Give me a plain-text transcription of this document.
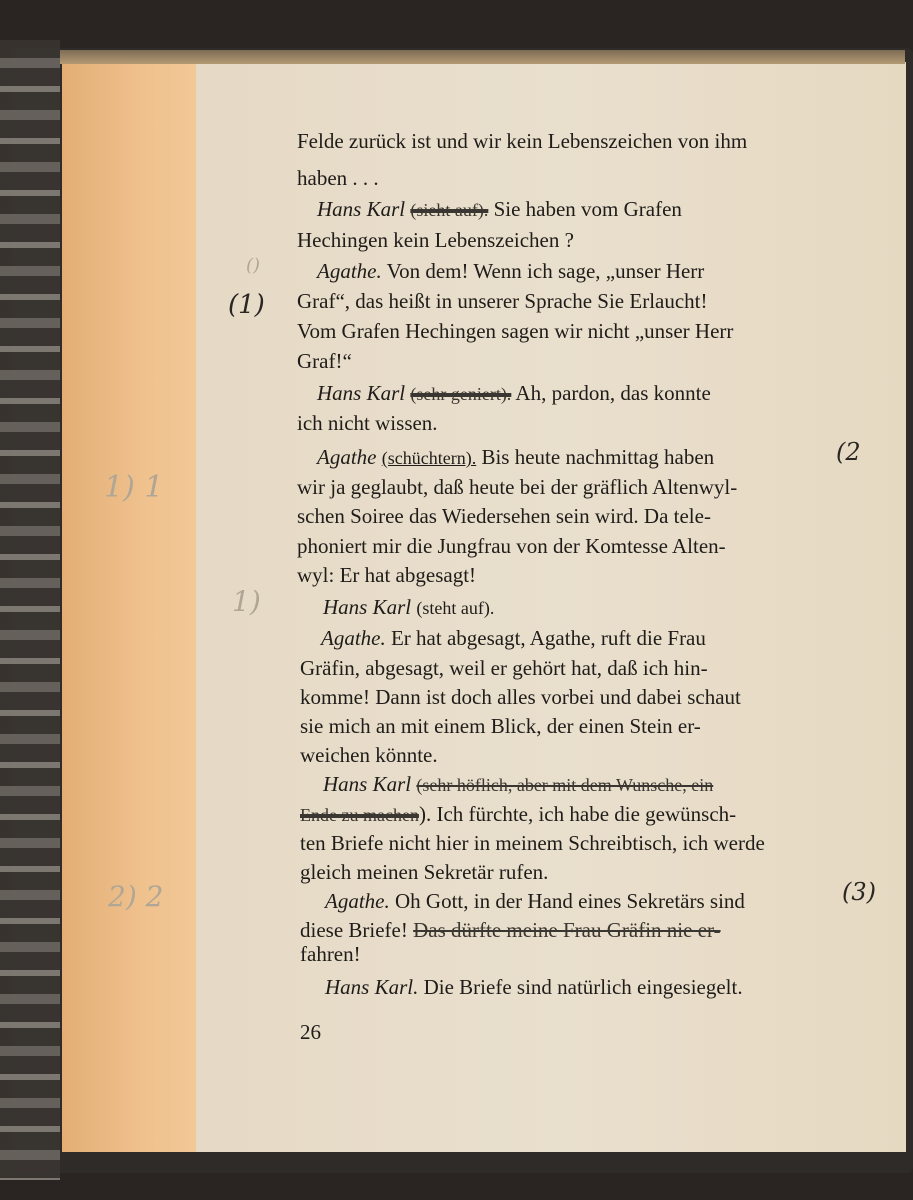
Felde zurück ist und wir kein Lebenszeichen von ihm
haben . . .
Hans Karl (sieht auf). Sie haben vom Grafen
Hechingen kein Lebenszeichen ?
Agathe. Von dem! Wenn ich sage, „unser Herr
Graf“, das heißt in unserer Sprache Sie Erlaucht!
Vom Grafen Hechingen sagen wir nicht „unser Herr
Graf!“
Hans Karl (sehr geniert). Ah, pardon, das konnte
ich nicht wissen.
Agathe (schüchtern). Bis heute nachmittag haben
wir ja geglaubt, daß heute bei der gräflich Altenwyl-
schen Soiree das Wiedersehen sein wird. Da tele-
phoniert mir die Jungfrau von der Komtesse Alten-
wyl: Er hat abgesagt!
Hans Karl (steht auf).
Agathe. Er hat abgesagt, Agathe, ruft die Frau
Gräfin, abgesagt, weil er gehört hat, daß ich hin-
komme! Dann ist doch alles vorbei und dabei schaut
sie mich an mit einem Blick, der einen Stein er-
weichen könnte.
Hans Karl (sehr höflich, aber mit dem Wunsche, ein
Ende zu machen). Ich fürchte, ich habe die gewünsch-
ten Briefe nicht hier in meinem Schreibtisch, ich werde
gleich meinen Sekretär rufen.
Agathe. Oh Gott, in der Hand eines Sekretärs sind
diese Briefe! Das dürfte meine Frau Gräfin nie er-
fahren!
Hans Karl. Die Briefe sind natürlich eingesiegelt.
26
(1)
()
(2
(3)
1) 1
1)
2) 2
